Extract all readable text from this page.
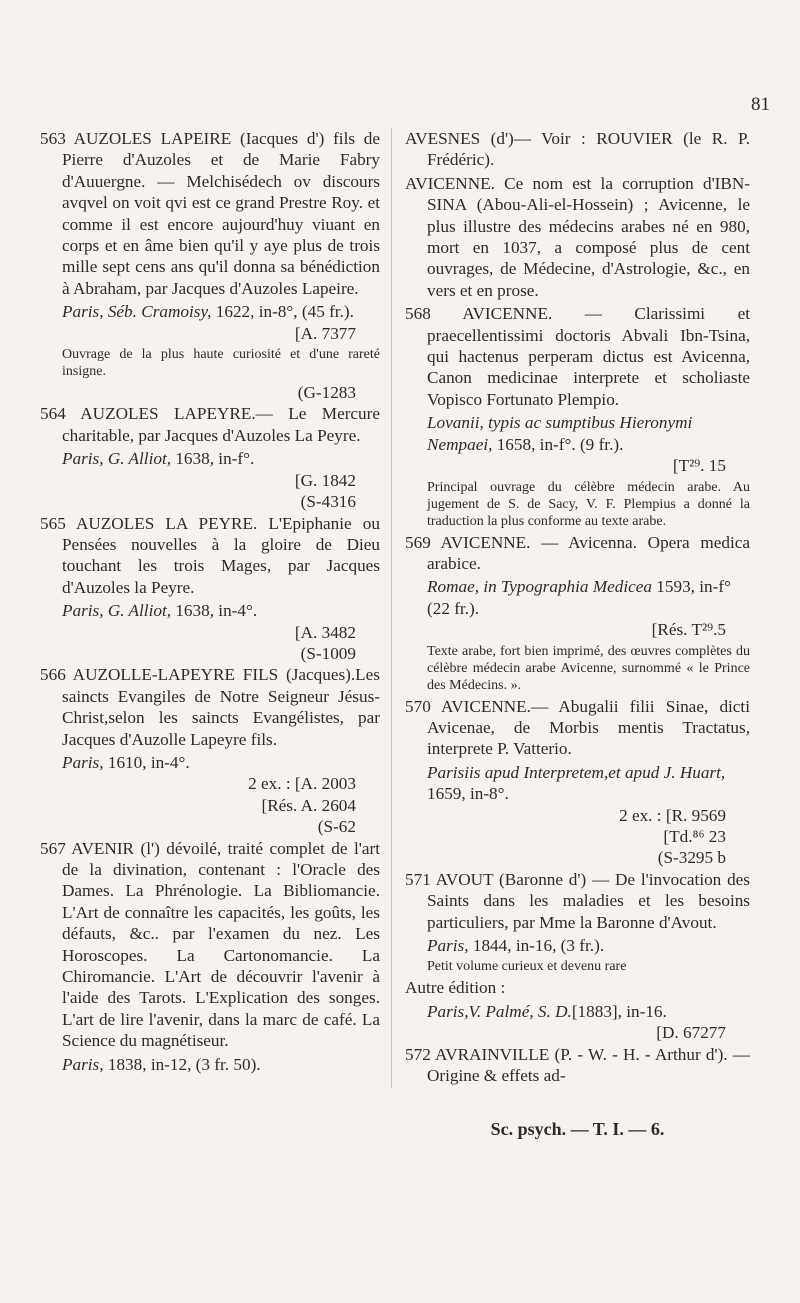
81
563 AUZOLES LAPEIRE (Iacques d') fils de Pierre d'Auzoles et de Marie Fabry d'Auuergne. — Melchisédech ov discours avqvel on voit qvi est ce grand Prestre Roy. et comme il est encore aujourd'huy viuant en corps et en âme bien qu'il y aye plus de trois mille sept cens ans qu'il donna sa bénédiction à Abraham, par Jacques d'Auzoles Lapeire.
Paris, Séb. Cramoisy, 1622, in-8°, (45 fr.).
[A. 7377
Ouvrage de la plus haute curiosité et d'une rareté insigne.
(G-1283
564 AUZOLES LAPEYRE.— Le Mercure charitable, par Jacques d'Auzoles La Peyre.
Paris, G. Alliot, 1638, in-f°.
[G. 1842
(S-4316
565 AUZOLES LA PEYRE. L'Epiphanie ou Pensées nouvelles à la gloire de Dieu touchant les trois Mages, par Jacques d'Auzoles la Peyre.
Paris, G. Alliot, 1638, in-4°.
[A. 3482
(S-1009
566 AUZOLLE-LAPEYRE FILS (Jacques).Les saincts Evangiles de Notre Seigneur Jésus-Christ,selon les saincts Evangélistes, par Jacques d'Auzolle Lapeyre fils.
Paris, 1610, in-4°.
2 ex. : [A. 2003
[Rés. A. 2604
(S-62
567 AVENIR (l') dévoilé, traité complet de l'art de la divination, contenant : l'Oracle des Dames. La Phrénologie. La Bibliomancie. L'Art de connaître les capacités, les goûts, les défauts, &c.. par l'examen du nez. Les Horoscopes. La Cartonomancie. La Chiromancie. L'Art de découvrir l'avenir à l'aide des Tarots. L'Explication des songes. L'art de lire l'avenir, dans la marc de café. La Science du magnétiseur.
Paris, 1838, in-12, (3 fr. 50).
AVESNES (d')— Voir : ROUVIER (le R. P. Frédéric).
AVICENNE. Ce nom est la corruption d'IBN-SINA (Abou-Ali-el-Hossein) ; Avicenne, le plus illustre des médecins arabes né en 980, mort en 1037, a composé plus de cent ouvrages, de Médecine, d'Astrologie, &c., en vers et en prose.
568 AVICENNE. — Clarissimi et praecellentissimi doctoris Abvali Ibn-Tsina, qui hactenus perperam dictus est Avicenna, Canon medicinae interprete et scholiaste Vopisco Fortunato Plempio.
Lovanii, typis ac sumptibus Hieronymi Nempaei, 1658, in-f°. (9 fr.).
[T²⁹. 15
Principal ouvrage du célèbre médecin arabe. Au jugement de S. de Sacy, V. F. Plempius a donné la traduction la plus conforme au texte arabe.
569 AVICENNE. — Avicenna. Opera medica arabice.
Romae, in Typographia Medicea 1593, in-f° (22 fr.).
[Rés. T²⁹.5
Texte arabe, fort bien imprimé, des œuvres complètes du célèbre médecin arabe Avicenne, surnommé « le Prince des Médecins. ».
570 AVICENNE.— Abugalii filii Sinae, dicti Avicenae, de Morbis mentis Tractatus, interprete P. Vatterio.
Parisiis apud Interpretem,et apud J. Huart, 1659, in-8°.
2 ex. : [R. 9569
[Td.⁸⁶ 23
(S-3295 b
571 AVOUT (Baronne d') — De l'invocation des Saints dans les maladies et les besoins particuliers, par Mme la Baronne d'Avout.
Paris, 1844, in-16, (3 fr.).
Petit volume curieux et devenu rare
Autre édition :
Paris,V. Palmé, S. D.[1883], in-16.
[D. 67277
572 AVRAINVILLE (P. - W. - H. - Arthur d'). — Origine & effets ad-
Sc. psych. — T. I. — 6.
